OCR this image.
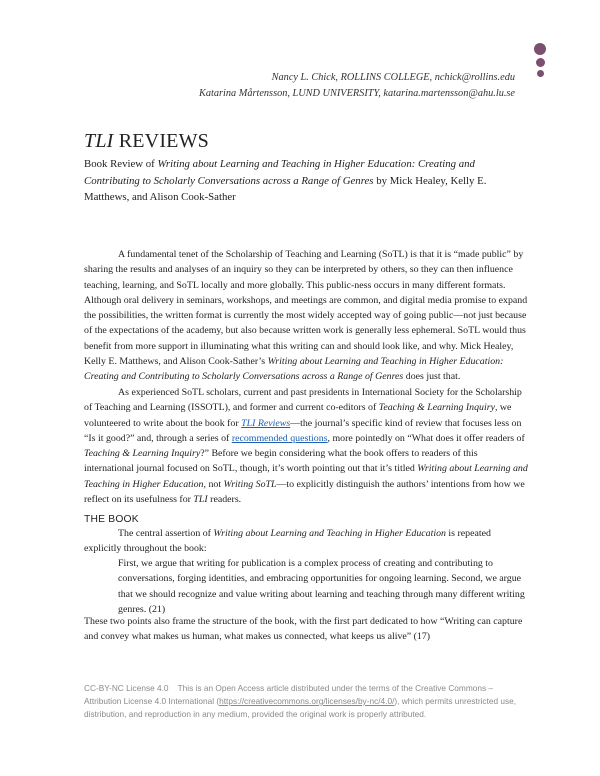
Nancy L. Chick, ROLLINS COLLEGE, nchick@rollins.edu
Katarina Mårtensson, LUND UNIVERSITY, katarina.martensson@ahu.lu.se
TLI REVIEWS
Book Review of Writing about Learning and Teaching in Higher Education: Creating and Contributing to Scholarly Conversations across a Range of Genres by Mick Healey, Kelly E. Matthews, and Alison Cook-Sather

A fundamental tenet of the Scholarship of Teaching and Learning (SoTL) is that it is “made public” by sharing the results and analyses of an inquiry so they can be interpreted by others, so they can then influence teaching, learning, and SoTL locally and more globally. This public-ness occurs in many different formats. Although oral delivery in seminars, workshops, and meetings are common, and digital media promise to expand the possibilities, the written format is currently the most widely accepted way of going public—not just because of the expectations of the academy, but also because written work is generally less ephemeral. SoTL would thus benefit from more support in illuminating what this writing can and should look like, and why. Mick Healey, Kelly E. Matthews, and Alison Cook-Sather’s Writing about Learning and Teaching in Higher Education: Creating and Contributing to Scholarly Conversations across a Range of Genres does just that.

As experienced SoTL scholars, current and past presidents in International Society for the Scholarship of Teaching and Learning (ISSOTL), and former and current co-editors of Teaching & Learning Inquiry, we volunteered to write about the book for TLI Reviews—the journal’s specific kind of review that focuses less on “Is it good?” and, through a series of recommended questions, more pointedly on “What does it offer readers of Teaching & Learning Inquiry?” Before we begin considering what the book offers to readers of this international journal focused on SoTL, though, it’s worth pointing out that it’s titled Writing about Learning and Teaching in Higher Education, not Writing SoTL—to explicitly distinguish the authors’ intentions from how we reflect on its usefulness for TLI readers.

THE BOOK

The central assertion of Writing about Learning and Teaching in Higher Education is repeated explicitly throughout the book:

First, we argue that writing for publication is a complex process of creating and contributing to conversations, forging identities, and embracing opportunities for ongoing learning. Second, we argue that we should recognize and value writing about learning and teaching through many different writing genres. (21)

These two points also frame the structure of the book, with the first part dedicated to how “Writing can capture and convey what makes us human, what makes us connected, what keeps us alive” (17)

CC-BY-NC License 4.0    This is an Open Access article distributed under the terms of the Creative Commons – Attribution License 4.0 International (https://creativecommons.org/licenses/by-nc/4.0/), which permits unrestricted use, distribution, and reproduction in any medium, provided the original work is properly attributed.
